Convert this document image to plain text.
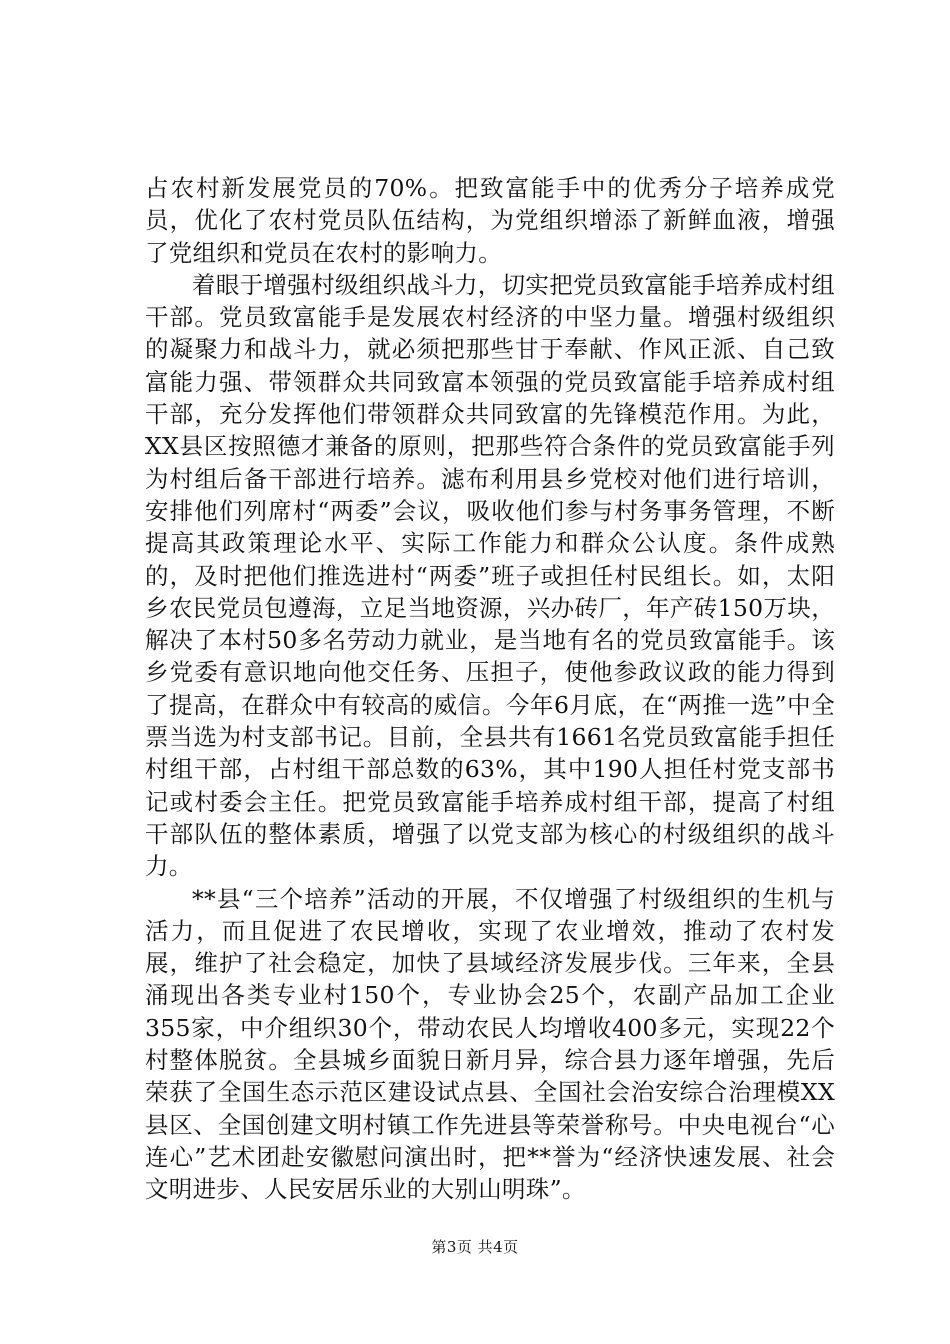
占农村新发展党员的70%。把致富能手中的优秀分子培养成党员，优化了农村党员队伍结构，为党组织增添了新鲜血液，增强了党组织和党员在农村的影响力。

着眼于增强村级组织战斗力，切实把党员致富能手培养成村组干部。党员致富能手是发展农村经济的中坚力量。增强村级组织的凝聚力和战斗力，就必须把那些甘于奉献、作风正派、自己致富能力强、带领群众共同致富本领强的党员致富能手培养成村组干部，充分发挥他们带领群众共同致富的先锋模范作用。为此，XX县区按照德才兼备的原则，把那些符合条件的党员致富能手列为村组后备干部进行培养。滤布利用县乡党校对他们进行培训，安排他们列席村“两委”会议，吸收他们参与村务事务管理，不断提高其政策理论水平、实际工作能力和群众公认度。条件成熟的，及时把他们推选进村“两委”班子或担任村民组长。如，太阳乡农民党员包遵海，立足当地资源，兴办砖厂，年产砖150万块，解决了本村50多名劳动力就业，是当地有名的党员致富能手。该乡党委有意识地向他交任务、压担子，使他参政议政的能力得到了提高，在群众中有较高的威信。今年6月底，在“两推一选”中全票当选为村支部书记。目前，全县共有1661名党员致富能手担任村组干部，占村组干部总数的63%，其中190人担任村党支部书记或村委会主任。把党员致富能手培养成村组干部，提高了村组干部队伍的整体素质，增强了以党支部为核心的村级组织的战斗力。

**县“三个培养”活动的开展，不仅增强了村级组织的生机与活力，而且促进了农民增收，实现了农业增效，推动了农村发展，维护了社会稳定，加快了县域经济发展步伐。三年来，全县涌现出各类专业村150个，专业协会25个，农副产品加工企业355家，中介组织30个，带动农民人均增收400多元，实现22个村整体脱贫。全县城乡面貌日新月异，综合县力逐年增强，先后荣获了全国生态示范区建设试点县、全国社会治安综合治理模XX县区、全国创建文明村镇工作先进县等荣誉称号。中央电视台“心连心”艺术团赴安徽慰问演出时，把**誉为“经济快速发展、社会文明进步、人民安居乐业的大别山明珠”。

第3页 共4页
